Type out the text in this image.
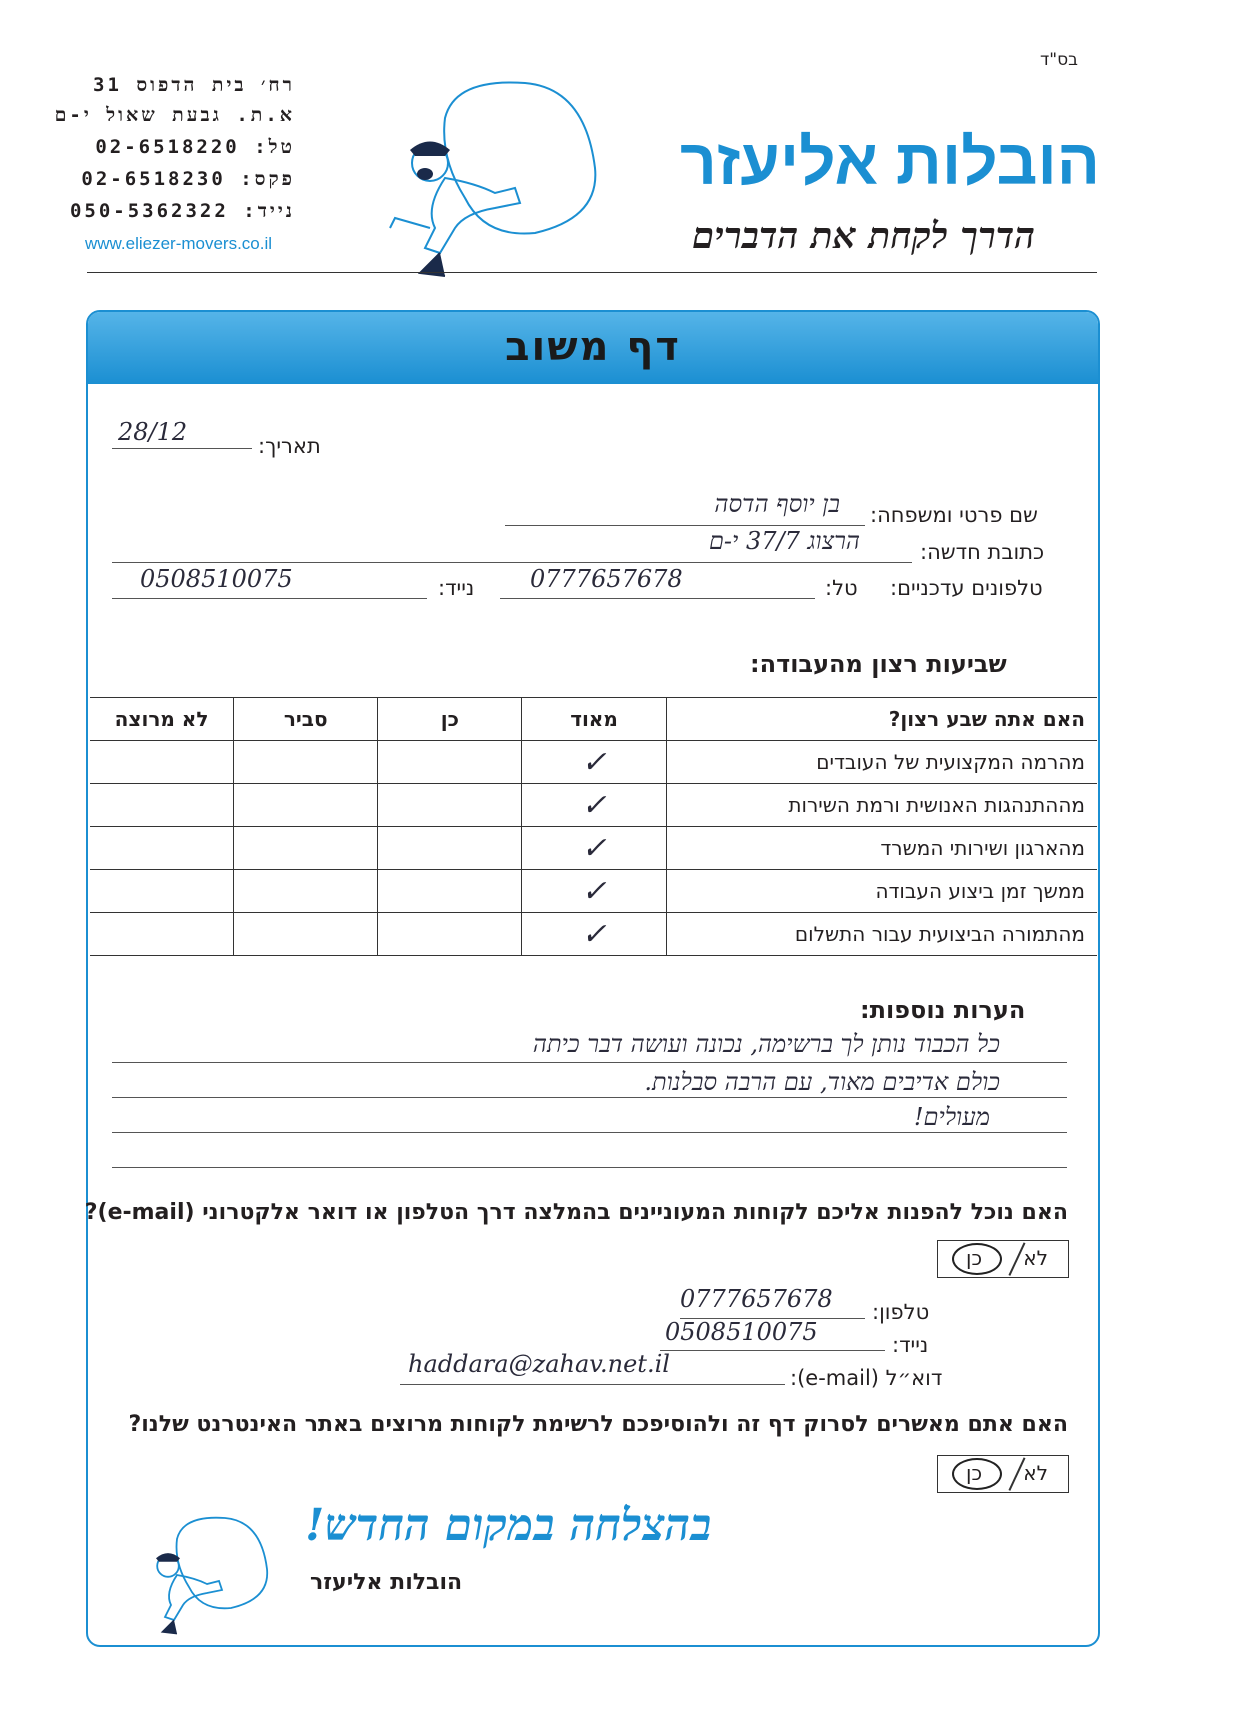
בס"ד
רח׳ בית הדפוס 31
א.ת. גבעת שאול י-ם
טל: 02-6518220
פקס: 02-6518230
נייד: 050-5362322
www.eliezer-movers.co.il
הובלות אליעזר
הדרך לקחת את הדברים
דף משוב
תאריך:
28/12
שם פרטי ומשפחה:
בן יוסף הדסה
כתובת חדשה:
הרצוג 37/7 י-ם
טלפונים עדכניים:
טל:
0777657678
נייד:
0508510075
שביעות רצון מהעבודה:
האם אתה שבע רצון?	מאוד	כן	סביר	לא מרוצה
מהרמה המקצועית של העובדים	✓			
מההתנהגות האנושית ורמת השירות	✓			
מהארגון ושירותי המשרד	✓			
ממשך זמן ביצוע העבודה	✓			
מהתמורה הביצועית עבור התשלום	✓			
הערות נוספות:
כל הכבוד נותן לך ברשימה, נכונה ועושה דבר כיתה
כולם אדיבים מאוד, עם הרבה סבלנות.
מעולים!
האם נוכל להפנות אליכם לקוחות המעוניינים בהמלצה דרך הטלפון או דואר אלקטרוני (e-mail)?
לא
כן
טלפון:
0777657678
נייד:
0508510075
דוא״ל (e-mail):
haddara@zahav.net.il
האם אתם מאשרים לסרוק דף זה ולהוסיפכם לרשימת לקוחות מרוצים באתר האינטרנט שלנו?
לא
כן
בהצלחה במקום החדש!
הובלות אליעזר
